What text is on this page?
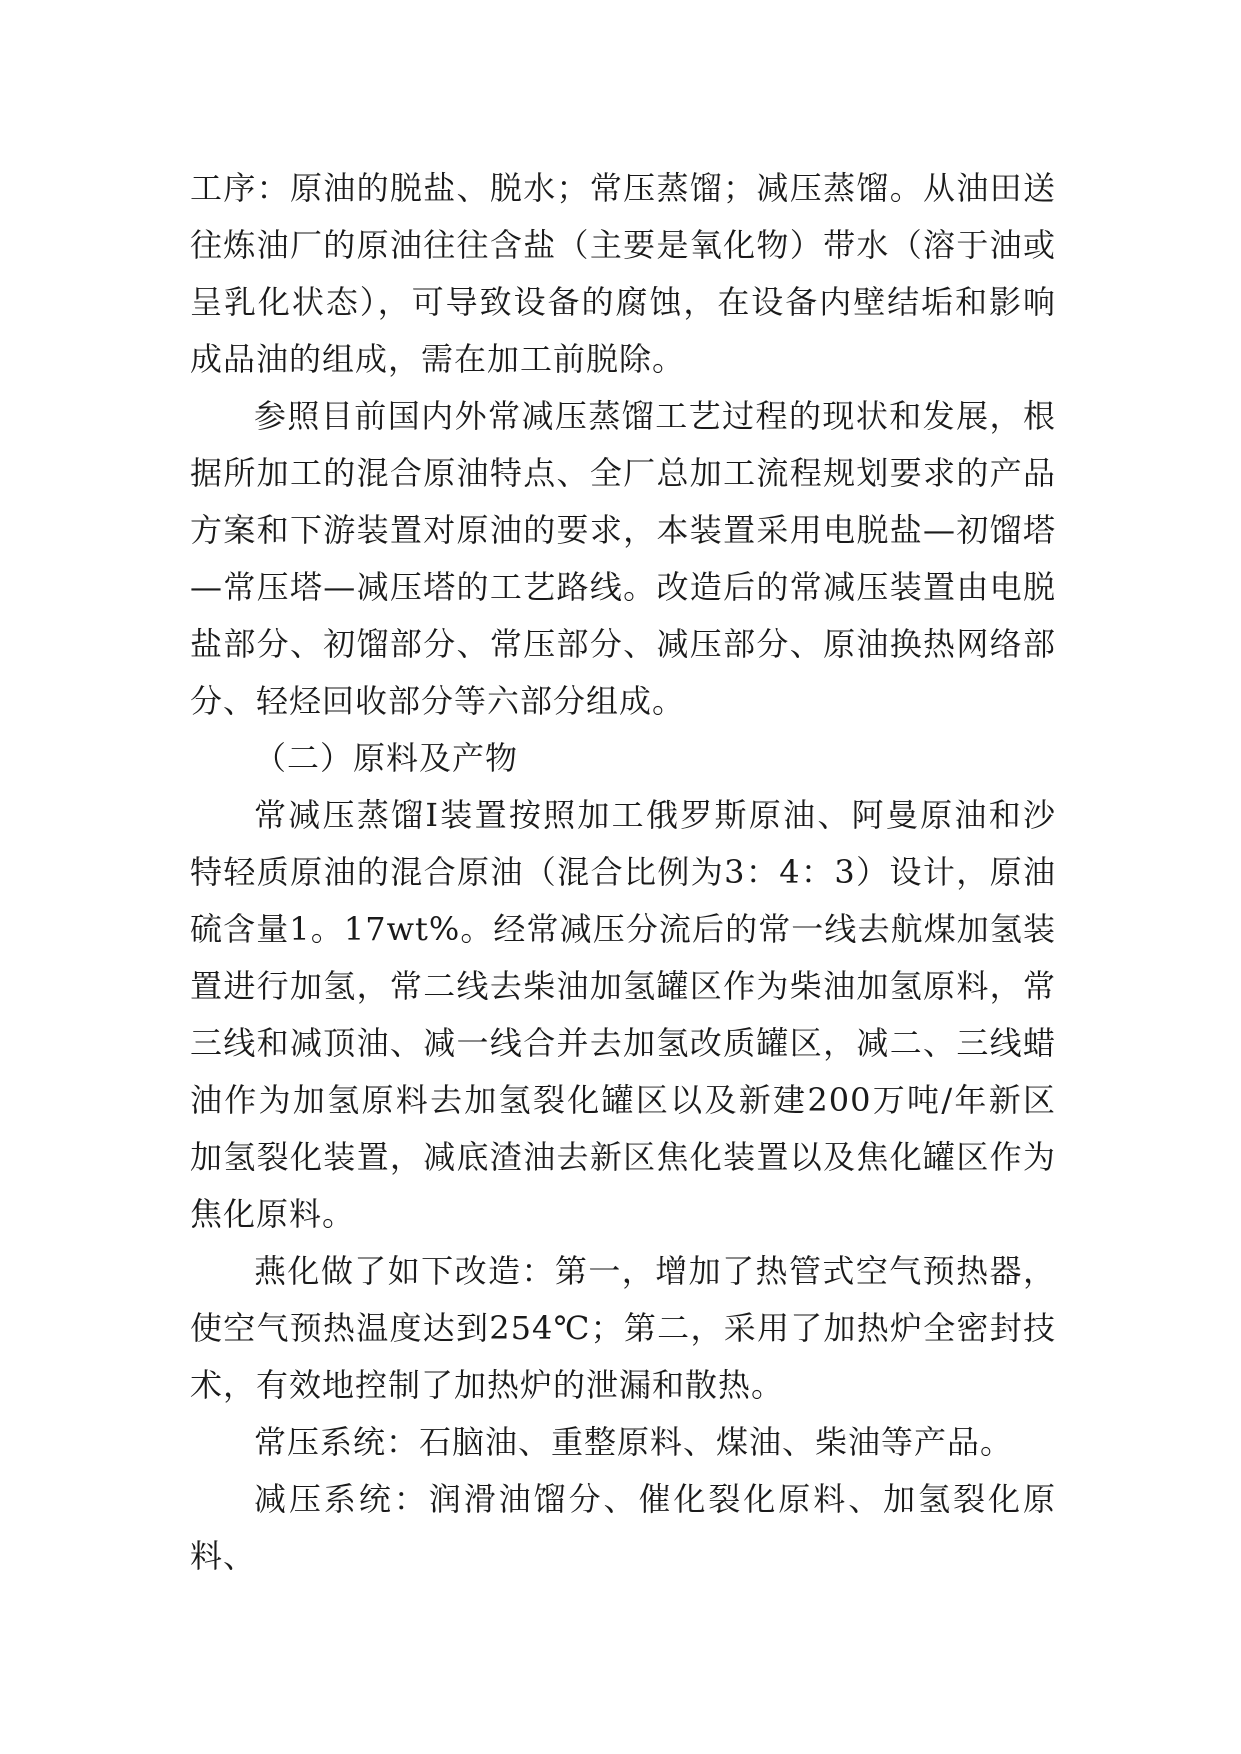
工序：原油的脱盐、脱水；常压蒸馏；减压蒸馏。从油田送往炼油厂的原油往往含盐（主要是氧化物）带水（溶于油或呈乳化状态），可导致设备的腐蚀，在设备内壁结垢和影响成品油的组成，需在加工前脱除。

参照目前国内外常减压蒸馏工艺过程的现状和发展，根据所加工的混合原油特点、全厂总加工流程规划要求的产品方案和下游装置对原油的要求，本装置采用电脱盐—初馏塔—常压塔—减压塔的工艺路线。改造后的常减压装置由电脱盐部分、初馏部分、常压部分、减压部分、原油换热网络部分、轻烃回收部分等六部分组成。

（二）原料及产物

常减压蒸馏Ⅰ装置按照加工俄罗斯原油、阿曼原油和沙特轻质原油的混合原油（混合比例为3：4：3）设计，原油硫含量1。17wt%。经常减压分流后的常一线去航煤加氢装置进行加氢，常二线去柴油加氢罐区作为柴油加氢原料，常三线和减顶油、减一线合并去加氢改质罐区，减二、三线蜡油作为加氢原料去加氢裂化罐区以及新建200万吨/年新区加氢裂化装置，减底渣油去新区焦化装置以及焦化罐区作为焦化原料。

燕化做了如下改造：第一，增加了热管式空气预热器，使空气预热温度达到254℃；第二，采用了加热炉全密封技术，有效地控制了加热炉的泄漏和散热。

常压系统：石脑油、重整原料、煤油、柴油等产品。

减压系统：润滑油馏分、催化裂化原料、加氢裂化原料、
